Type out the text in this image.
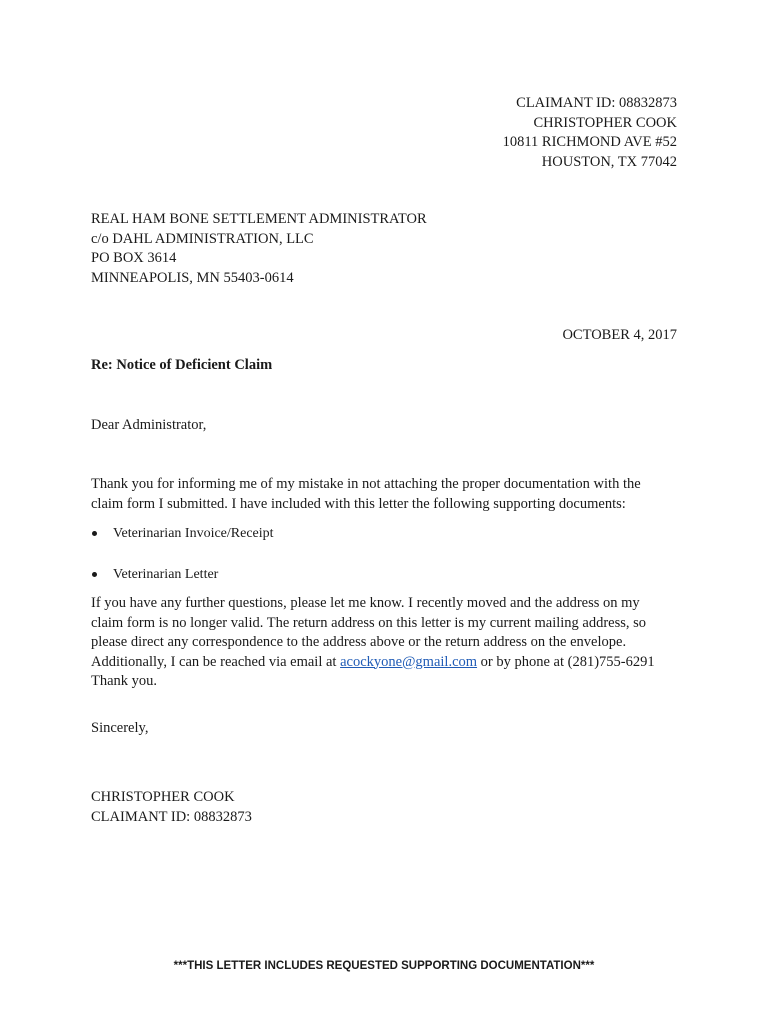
CLAIMANT ID: 08832873
CHRISTOPHER COOK
10811 RICHMOND AVE #52
HOUSTON, TX 77042
REAL HAM BONE SETTLEMENT ADMINISTRATOR
c/o DAHL ADMINISTRATION, LLC
PO BOX 3614
MINNEAPOLIS, MN 55403-0614
OCTOBER 4, 2017
Re: Notice of Deficient Claim
Dear Administrator,
Thank you for informing me of my mistake in not attaching the proper documentation with the
claim form I submitted. I have included with this letter the following supporting documents:
Veterinarian Invoice/Receipt
Veterinarian Letter
If you have any further questions, please let me know. I recently moved and the address on my
claim form is no longer valid. The return address on this letter is my current mailing address, so
please direct any correspondence to the address above or the return address on the envelope.
Additionally, I can be reached via email at acockyone@gmail.com or by phone at (281)755-6291
Thank you.
Sincerely,
CHRISTOPHER COOK
CLAIMANT ID: 08832873
***THIS LETTER INCLUDES REQUESTED SUPPORTING DOCUMENTATION***
